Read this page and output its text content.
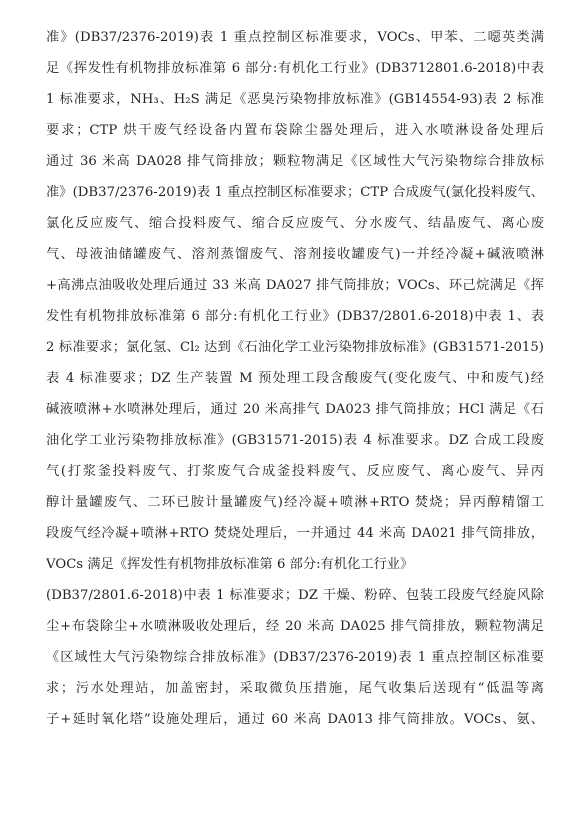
准》(DB37/2376-2019)表 1 重点控制区标准要求，VOCs、甲苯、二噁英类满
足《挥发性有机物排放标准第 6 部分:有机化工行业》(DB3712801.6-2018)中表
1 标准要求，NH₃、H₂S 满足《恶臭污染物排放标准》(GB14554-93)表 2 标准
要求；CTP 烘干废气经设备内置布袋除尘器处理后，进入水喷淋设备处理后
通过 36 米高 DA028 排气筒排放；颗粒物满足《区域性大气污染物综合排放标
准》(DB37/2376-2019)表 1 重点控制区标准要求；CTP 合成废气(氯化投料废气、
氯化反应废气、缩合投料废气、缩合反应废气、分水废气、结晶废气、离心废
气、母液油储罐废气、溶剂蒸馏废气、溶剂接收罐废气)一并经冷凝+碱液喷淋
+高沸点油吸收处理后通过 33 米高 DA027 排气筒排放；VOCs、环己烷满足《挥
发性有机物排放标准第 6 部分:有机化工行业》(DB37/2801.6-2018)中表 1、表
2 标准要求；氯化氢、Cl₂ 达到《石油化学工业污染物排放标准》(GB31571-2015)
表 4 标准要求；DZ 生产装置 M 预处理工段含酸废气(变化废气、中和废气)经
碱液喷淋+水喷淋处理后，通过 20 米高排气 DA023 排气筒排放；HCl 满足《石
油化学工业污染物排放标准》(GB31571-2015)表 4 标准要求。DZ 合成工段废
气(打浆釜投料废气、打浆废气合成釜投料废气、反应废气、离心废气、异丙
醇计量罐废气、二环已胺计量罐废气)经冷凝+喷淋+RTO 焚烧；异丙醇精馏工
段废气经冷凝+喷淋+RTO 焚烧处理后，一并通过 44 米高 DA021 排气筒排放，
VOCs 满足《挥发性有机物排放标准第 6 部分:有机化工行业》
(DB37/2801.6-2018)中表 1 标准要求；DZ 干燥、粉碎、包装工段废气经旋风除
尘+布袋除尘+水喷淋吸收处理后，经 20 米高 DA025 排气筒排放，颗粒物满足
《区域性大气污染物综合排放标准》(DB37/2376-2019)表 1 重点控制区标准要
求；污水处理站，加盖密封，采取微负压措施，尾气收集后送现有“低温等离
子+延时氧化塔”设施处理后，通过 60 米高 DA013 排气筒排放。VOCs、氨、
